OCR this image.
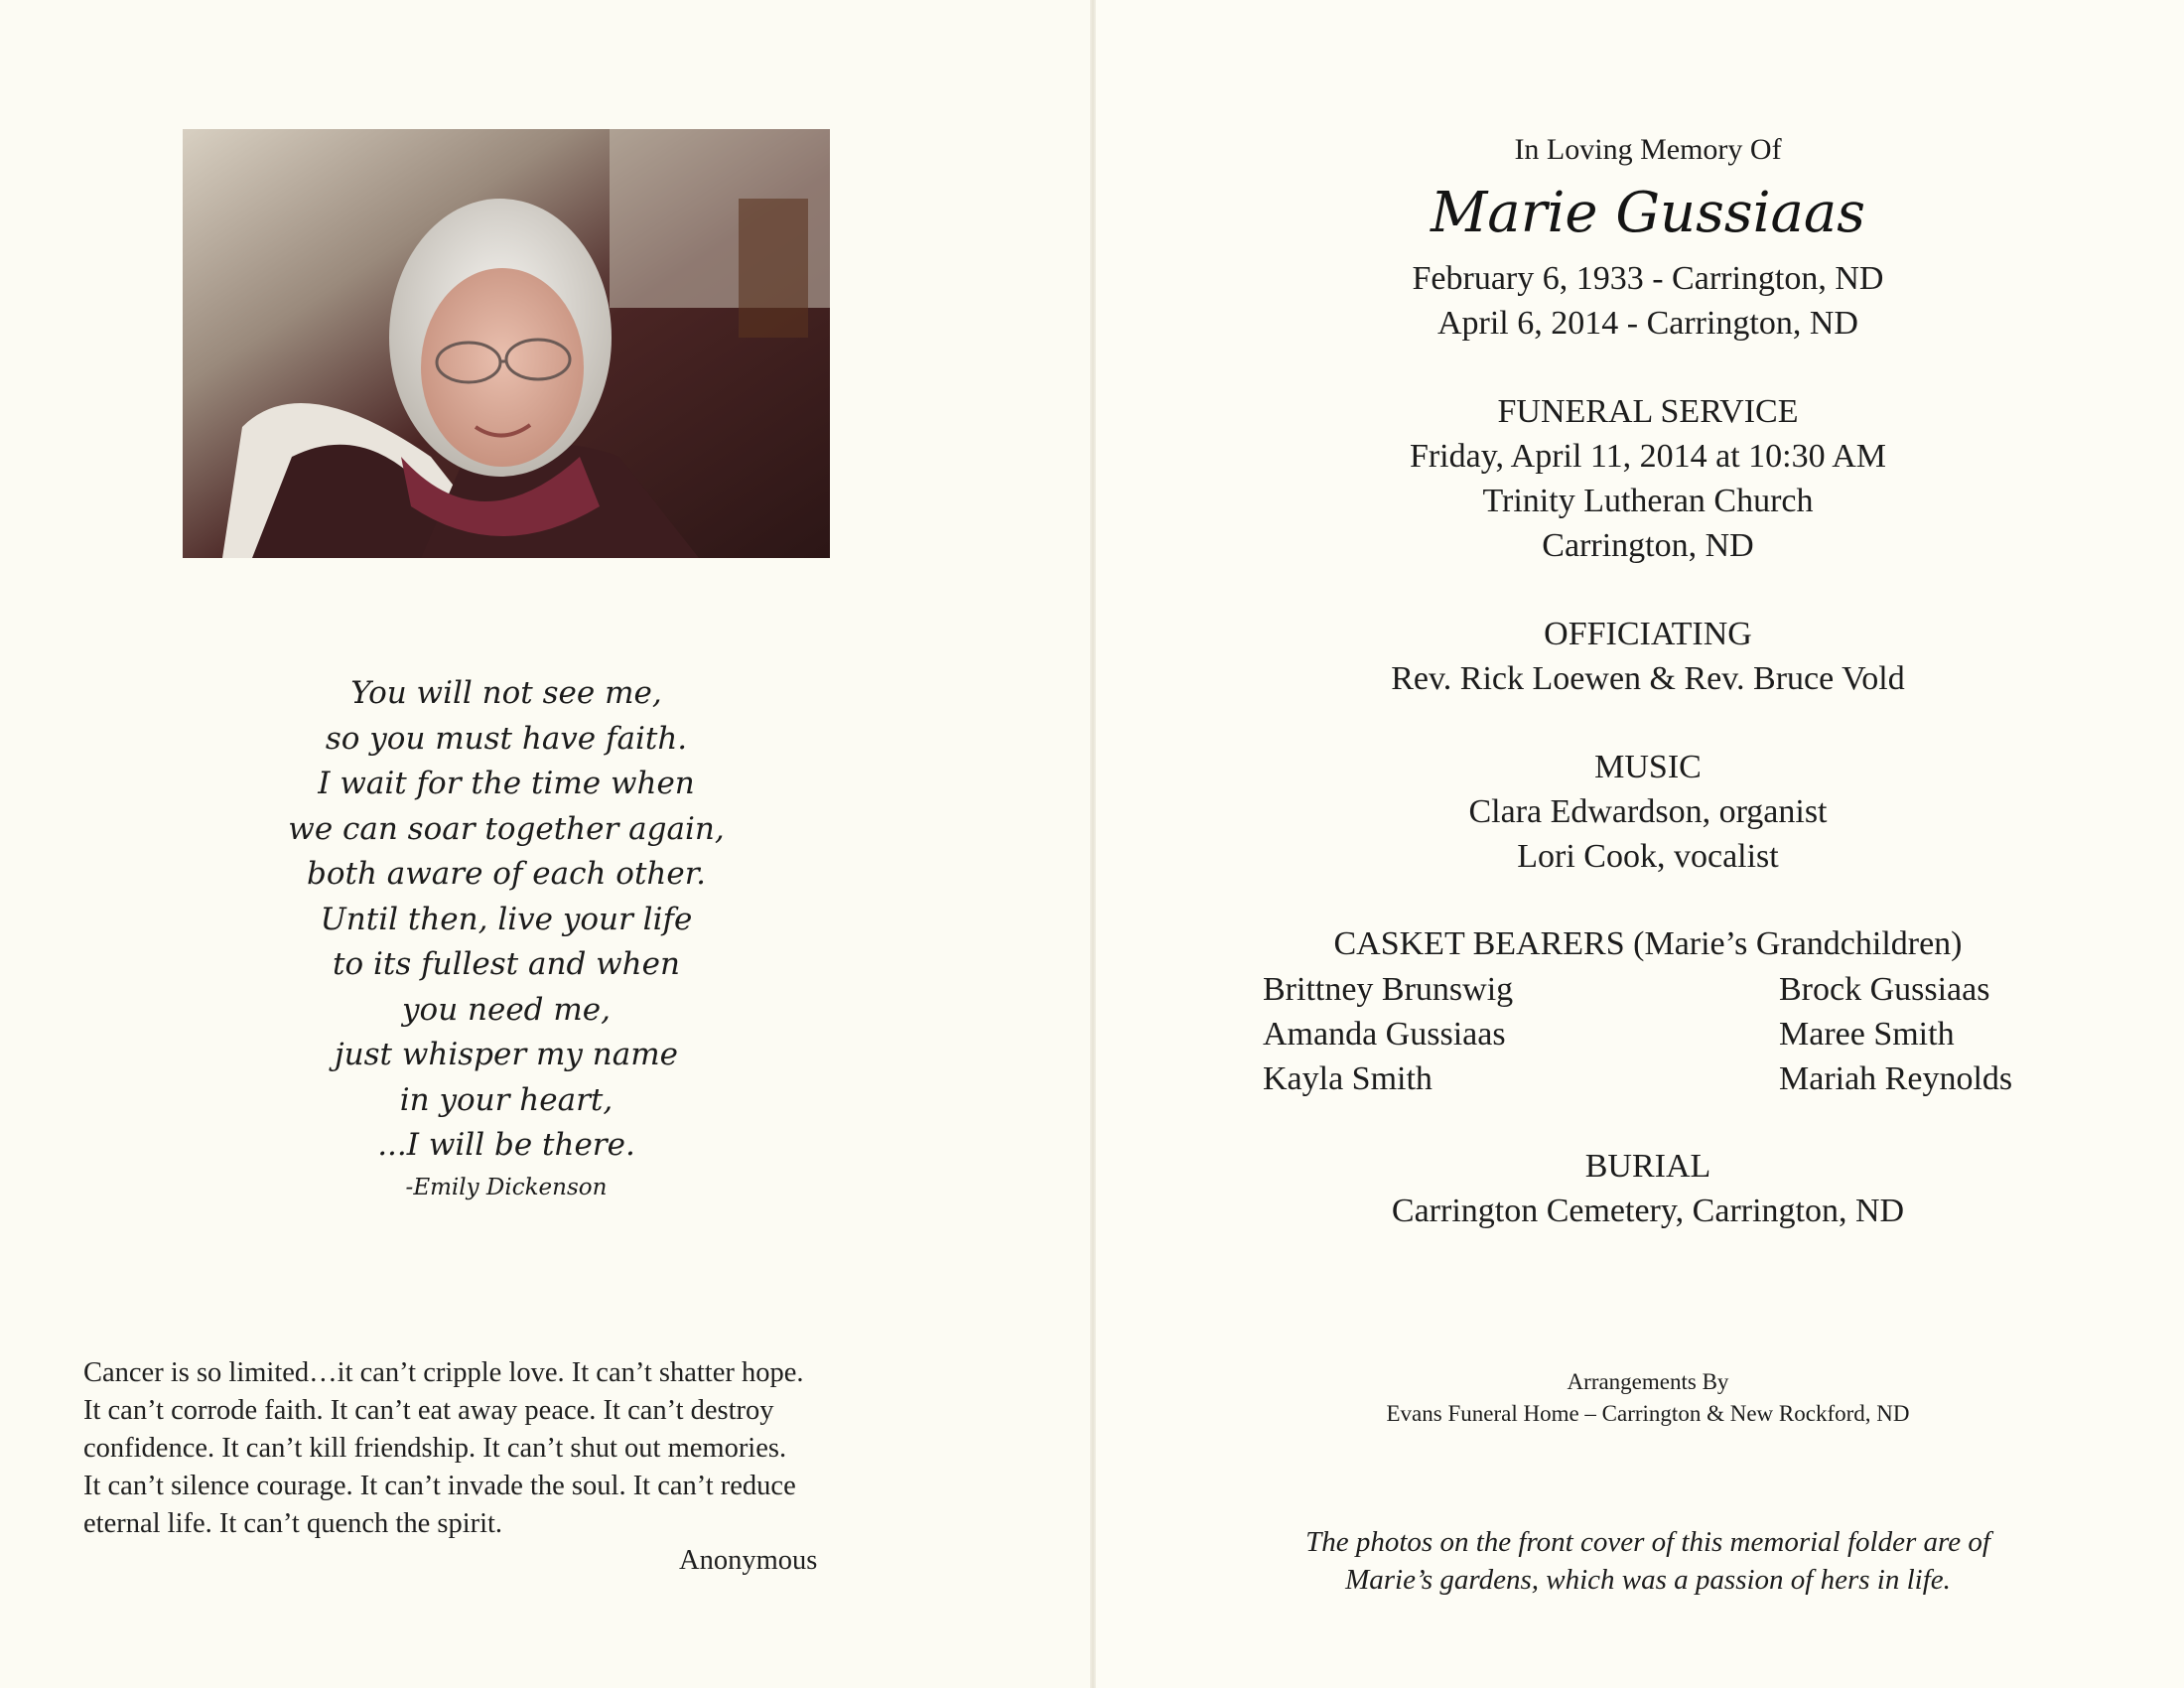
You will not see me,
so you must have faith.
I wait for the time when
we can soar together again,
both aware of each other.
Until then, live your life
to its fullest and when
you need me,
just whisper my name
in your heart,
...I will be there.
-Emily Dickenson
Cancer is so limited…it can’t cripple love. It can’t shatter hope.
It can’t corrode faith. It can’t eat away peace. It can’t destroy
confidence. It can’t kill friendship. It can’t shut out memories.
It can’t silence courage. It can’t invade the soul. It can’t reduce
eternal life. It can’t quench the spirit.
Anonymous
In Loving Memory Of
Marie Gussiaas
February 6, 1933 - Carrington, ND
April 6, 2014 - Carrington, ND
FUNERAL SERVICE
Friday, April 11, 2014 at 10:30 AM
Trinity Lutheran Church
Carrington, ND
OFFICIATING
Rev. Rick Loewen & Rev. Bruce Vold
MUSIC
Clara Edwardson, organist
Lori Cook, vocalist
CASKET BEARERS (Marie’s Grandchildren)
Brittney Brunswig
Amanda Gussiaas
Kayla Smith
Brock Gussiaas
Maree Smith
Mariah Reynolds
BURIAL
Carrington Cemetery, Carrington, ND
Arrangements By
Evans Funeral Home – Carrington & New Rockford, ND
The photos on the front cover of this memorial folder are of
Marie’s gardens, which was a passion of hers in life.
